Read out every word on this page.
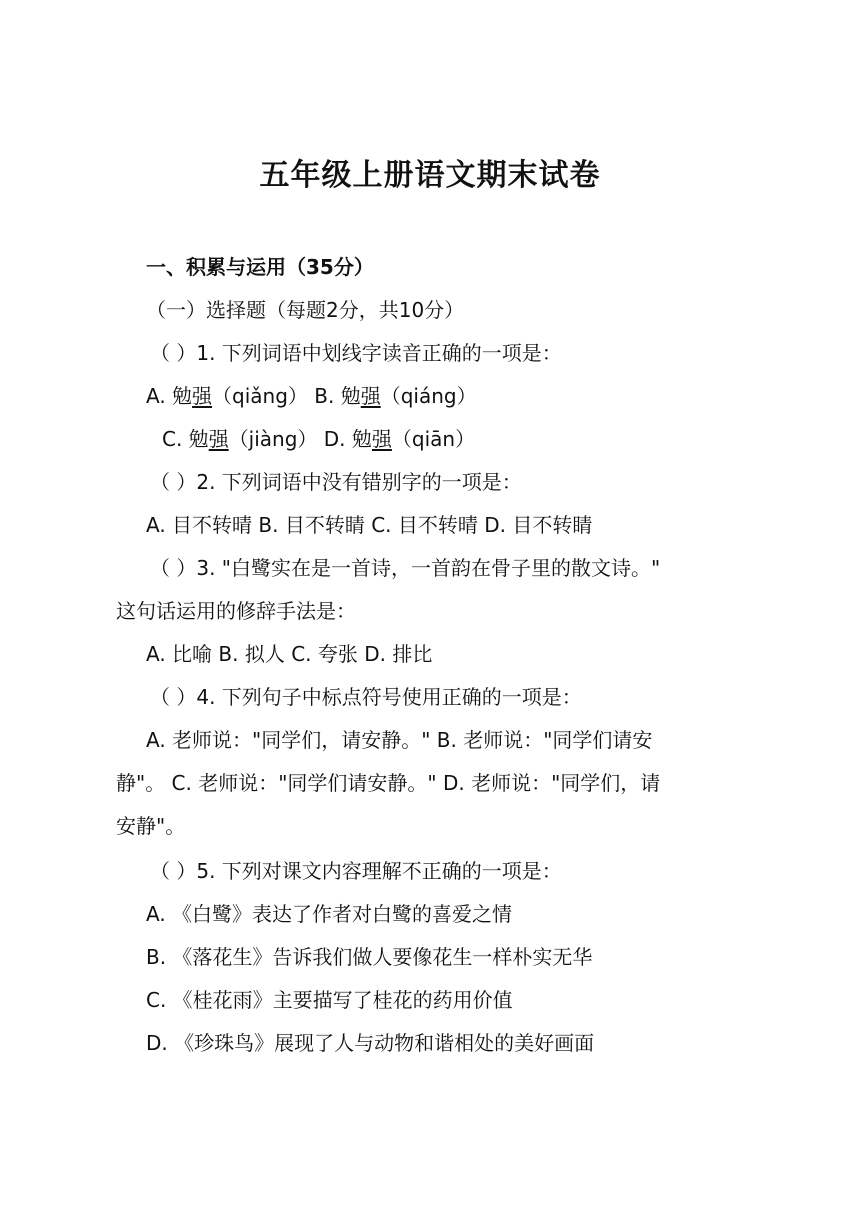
五年级上册语文期末试卷
一、积累与运用（35分）
（一）选择题（每题2分，共10分）
（ ）1. 下列词语中划线字读音正确的一项是：
A. 勉强（qiǎng） B. 勉强（qiáng）
C. 勉强（jiàng） D. 勉强（qiān）
（ ）2. 下列词语中没有错别字的一项是：
A. 目不转晴 B. 目不转睛 C. 目不转晴 D. 目不转睛
（ ）3. "白鹭实在是一首诗，一首韵在骨子里的散文诗。"
这句话运用的修辞手法是：
A. 比喻 B. 拟人 C. 夸张 D. 排比
（ ）4. 下列句子中标点符号使用正确的一项是：
A. 老师说："同学们，请安静。" B. 老师说："同学们请安
静"。 C. 老师说："同学们请安静。" D. 老师说："同学们，请
安静"。
（ ）5. 下列对课文内容理解不正确的一项是：
A. 《白鹭》表达了作者对白鹭的喜爱之情
B. 《落花生》告诉我们做人要像花生一样朴实无华
C. 《桂花雨》主要描写了桂花的药用价值
D. 《珍珠鸟》展现了人与动物和谐相处的美好画面
